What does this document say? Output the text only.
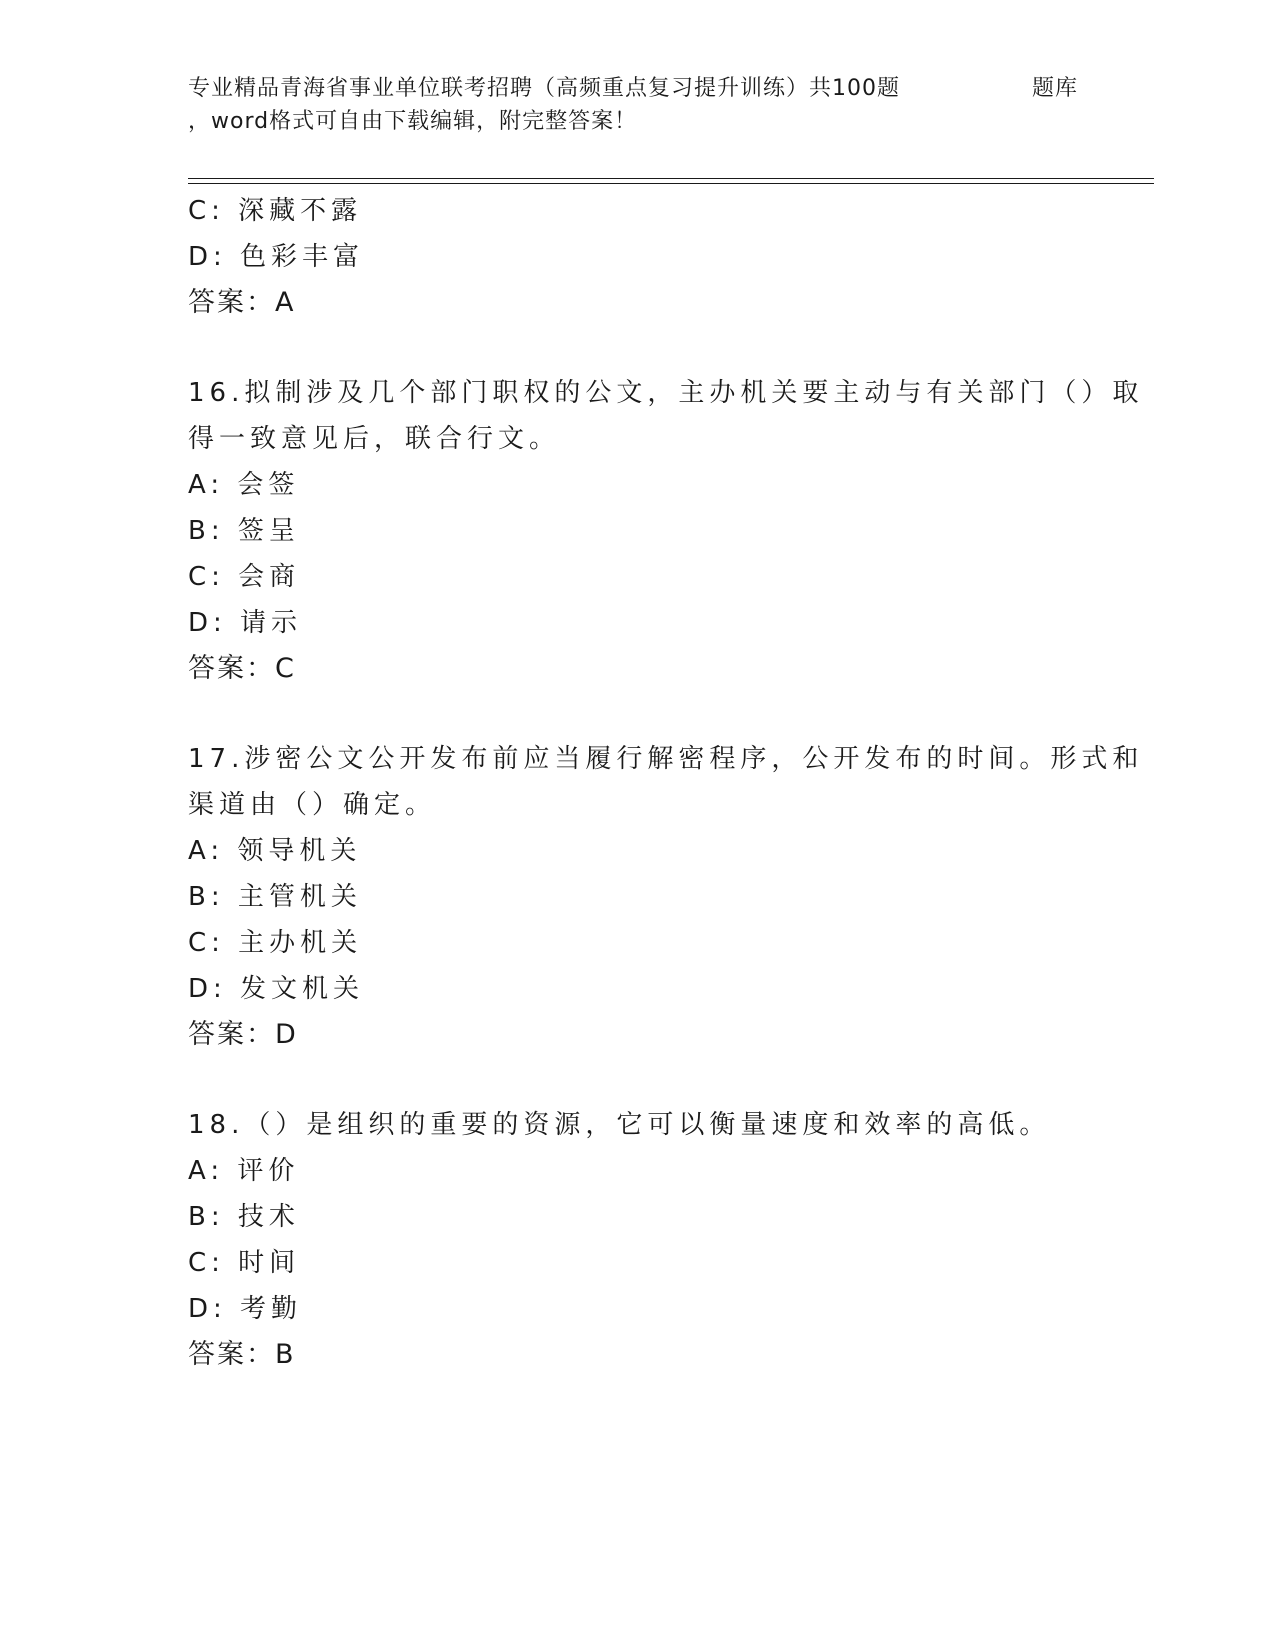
专业精品青海省事业单位联考招聘（高频重点复习提升训练）共100题
，word格式可自由下载编辑，附完整答案！
题库
C: 深藏不露
D: 色彩丰富
答案：A
16.拟制涉及几个部门职权的公文，主办机关要主动与有关部门（）取
得一致意见后，联合行文。
A: 会签
B: 签呈
C: 会商
D: 请示
答案：C
17.涉密公文公开发布前应当履行解密程序，公开发布的时间。形式和
渠道由（）确定。
A: 领导机关
B: 主管机关
C: 主办机关
D: 发文机关
答案：D
18.（）是组织的重要的资源，它可以衡量速度和效率的高低。
A: 评价
B: 技术
C: 时间
D: 考勤
答案：B
